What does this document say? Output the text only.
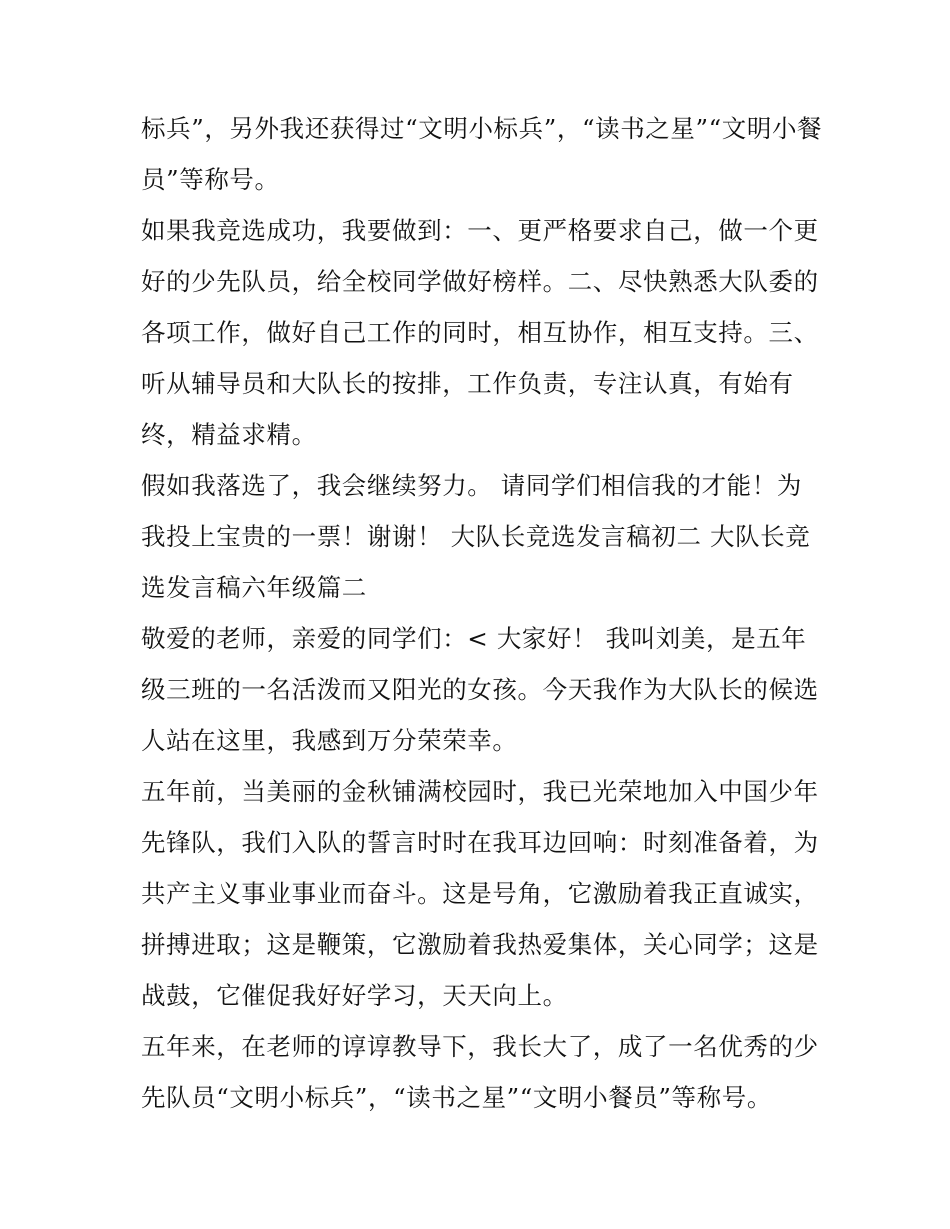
标兵”，另外我还获得过“文明小标兵”，“读书之星”“文明小餐
员”等称号。

如果我竞选成功，我要做到：一、更严格要求自己，做一个更
好的少先队员，给全校同学做好榜样。二、尽快熟悉大队委的
各项工作，做好自己工作的同时，相互协作，相互支持。三、
听从辅导员和大队长的按排，工作负责，专注认真，有始有
终，精益求精。

假如我落选了，我会继续努力。 请同学们相信我的才能！为
我投上宝贵的一票！谢谢！ 大队长竞选发言稿初二 大队长竞
选发言稿六年级篇二

敬爱的老师，亲爱的同学们：< 大家好！ 我叫刘美，是五年
级三班的一名活泼而又阳光的女孩。今天我作为大队长的候选
人站在这里，我感到万分荣荣幸。

五年前，当美丽的金秋铺满校园时，我已光荣地加入中国少年
先锋队，我们入队的誓言时时在我耳边回响：时刻准备着，为
共产主义事业事业而奋斗。这是号角，它激励着我正直诚实，
拼搏进取；这是鞭策，它激励着我热爱集体，关心同学；这是
战鼓，它催促我好好学习，天天向上。

五年来，在老师的谆谆教导下，我长大了，成了一名优秀的少
先队员“文明小标兵”，“读书之星”“文明小餐员”等称号。
